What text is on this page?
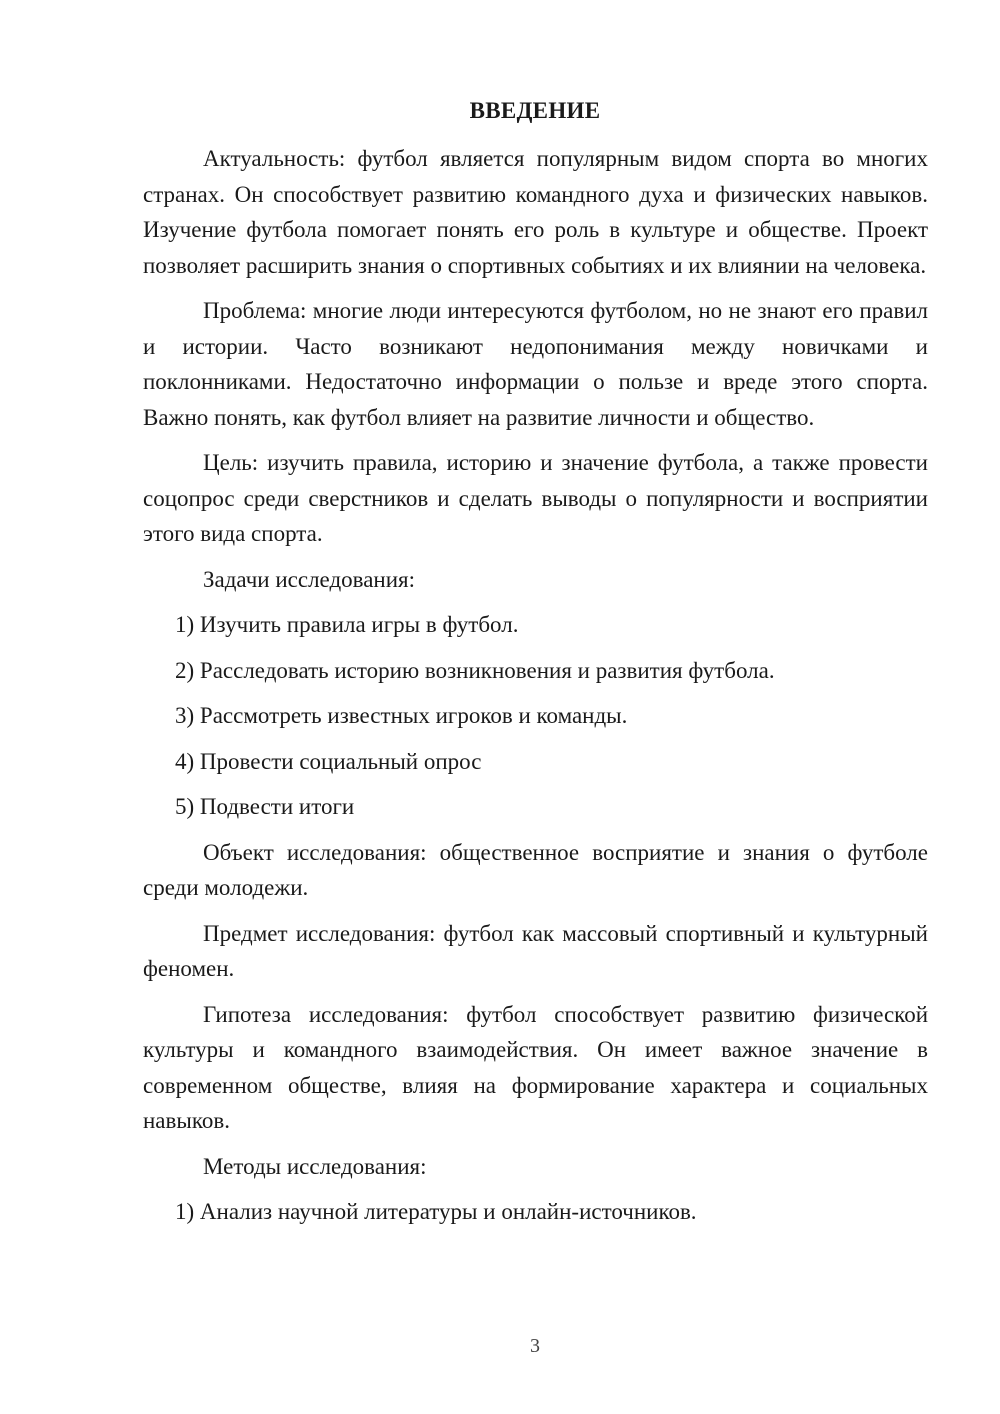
ВВЕДЕНИЕ

Актуальность: футбол является популярным видом спорта во многих странах. Он способствует развитию командного духа и физических навыков. Изучение футбола помогает понять его роль в культуре и обществе. Проект позволяет расширить знания о спортивных событиях и их влиянии на человека.

Проблема: многие люди интересуются футболом, но не знают его правил и истории. Часто возникают недопонимания между новичками и поклонниками. Недостаточно информации о пользе и вреде этого спорта. Важно понять, как футбол влияет на развитие личности и общество.

Цель: изучить правила, историю и значение футбола, а также провести соцопрос среди сверстников и сделать выводы о популярности и восприятии этого вида спорта.

Задачи исследования:

1) Изучить правила игры в футбол.

2) Расследовать историю возникновения и развития футбола.

3) Рассмотреть известных игроков и команды.

4) Провести социальный опрос

5) Подвести итоги

Объект исследования: общественное восприятие и знания о футболе среди молодежи.

Предмет исследования: футбол как массовый спортивный и культурный феномен.

Гипотеза исследования: футбол способствует развитию физической культуры и командного взаимодействия. Он имеет важное значение в современном обществе, влияя на формирование характера и социальных навыков.

Методы исследования:

1) Анализ научной литературы и онлайн-источников.

3
